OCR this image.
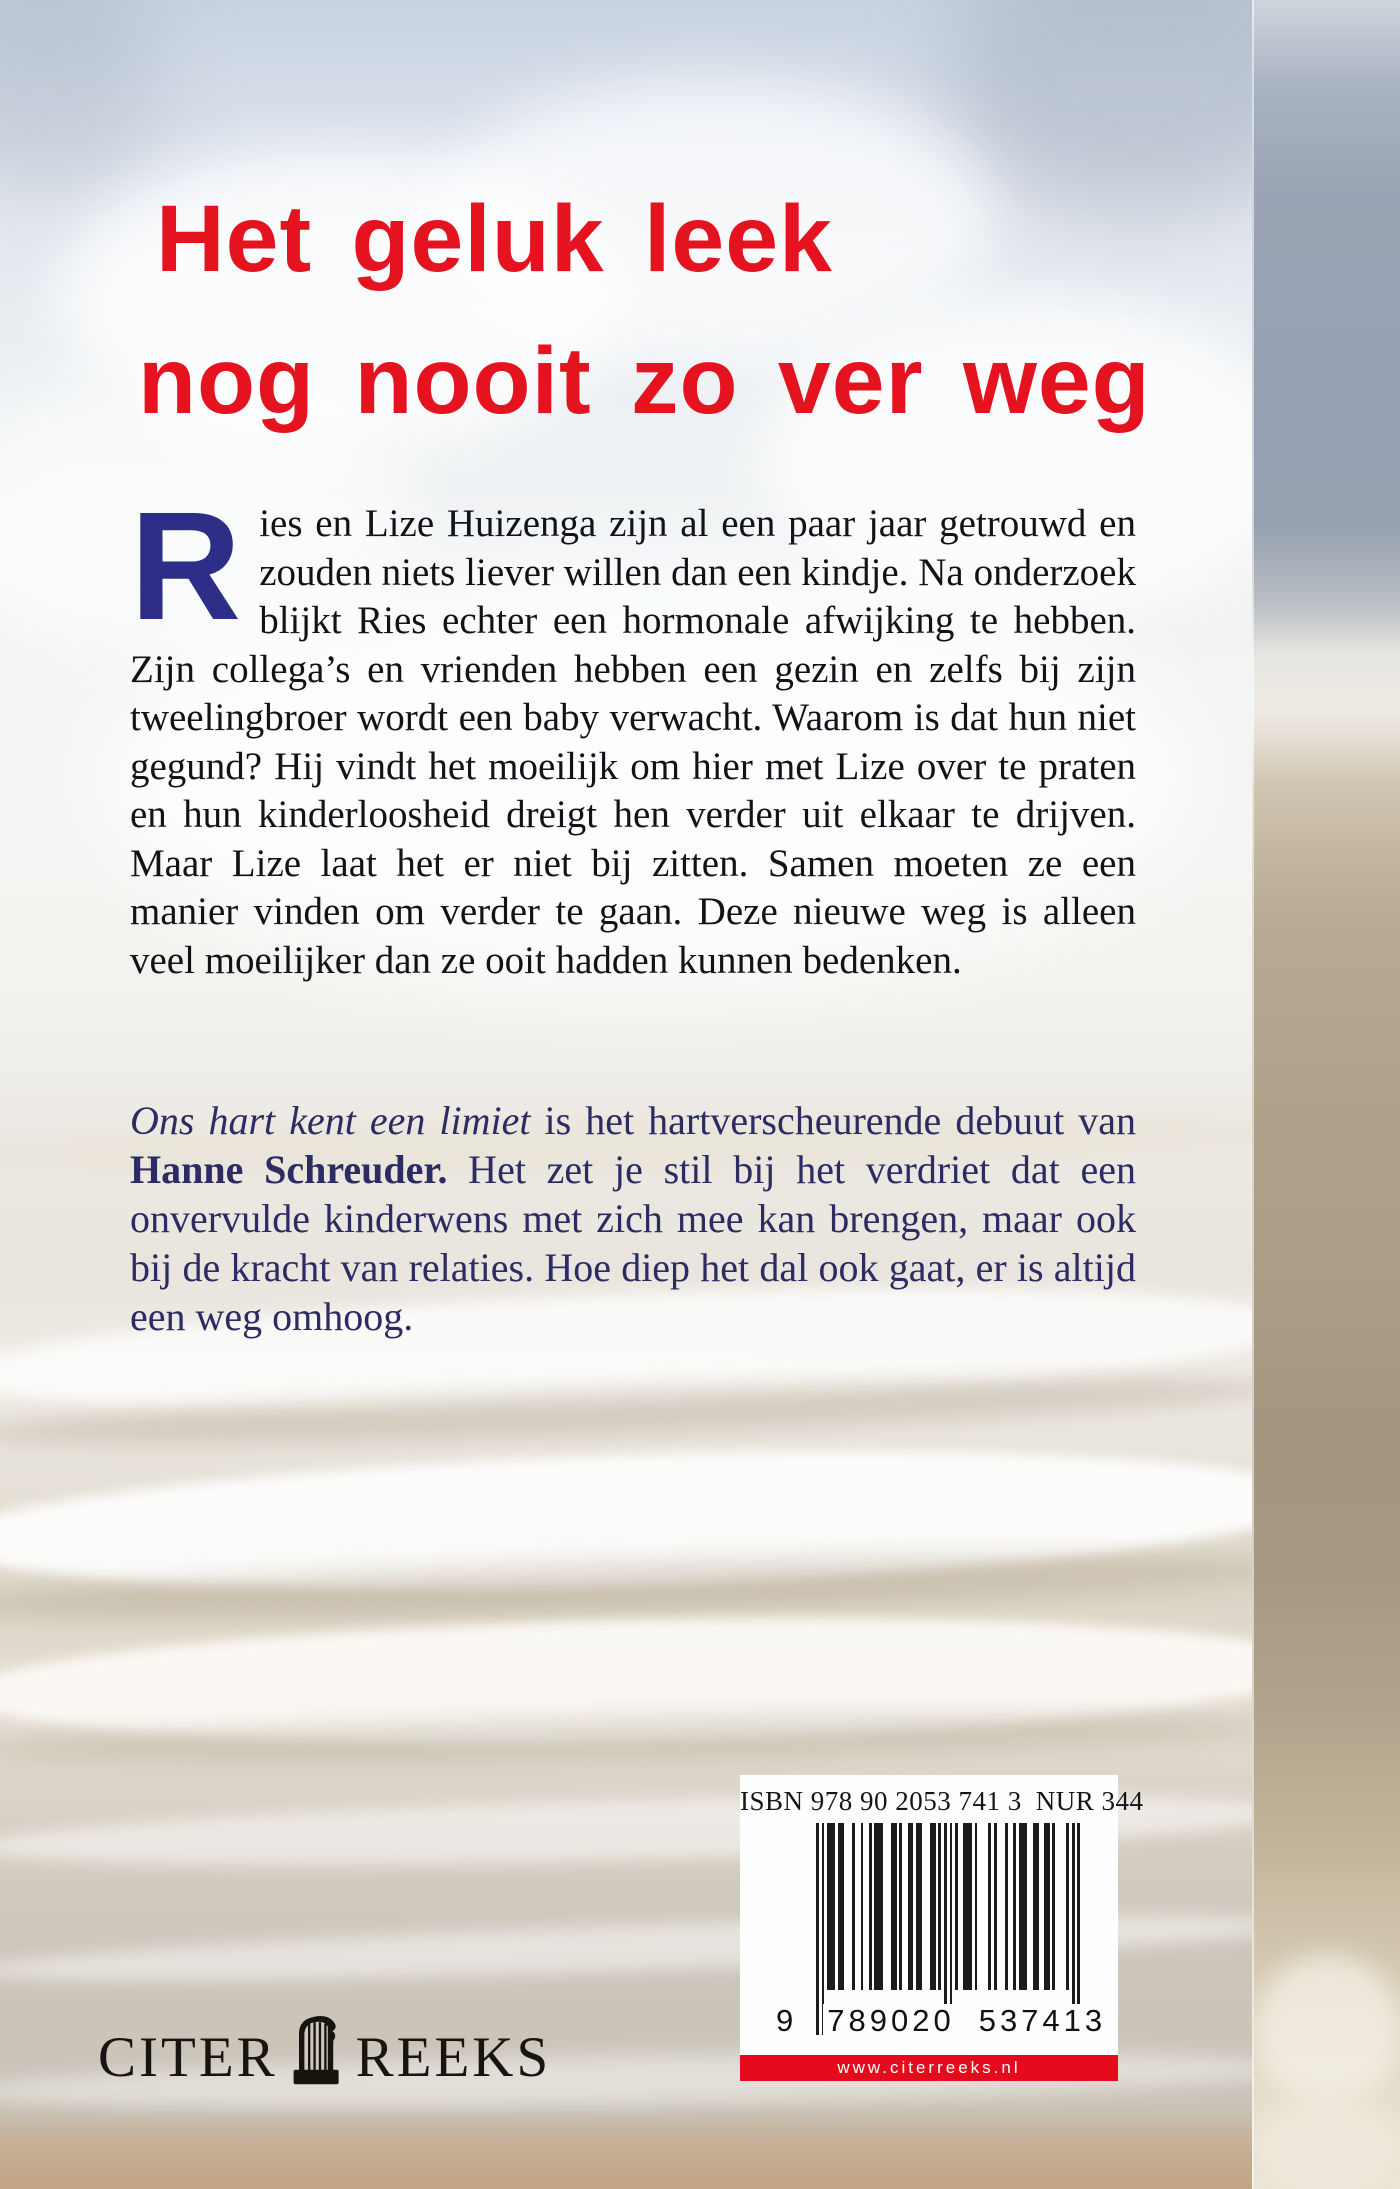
Het geluk leek
nog nooit zo ver weg

Ries en Lize Huizenga zijn al een paar jaar getrouwd en zouden niets liever willen dan een kindje. Na onderzoek blijkt Ries echter een hormonale afwijking te hebben. Zijn collega’s en vrienden hebben een gezin en zelfs bij zijn tweelingbroer wordt een baby verwacht. Waarom is dat hun niet gegund? Hij vindt het moeilijk om hier met Lize over te praten en hun kinderloosheid dreigt hen verder uit elkaar te drijven. Maar Lize laat het er niet bij zitten. Samen moeten ze een manier vinden om verder te gaan. Deze nieuwe weg is alleen veel moeilijker dan ze ooit hadden kunnen bedenken.

Ons hart kent een limiet is het hartverscheurende debuut van Hanne Schreuder. Het zet je stil bij het verdriet dat een onvervulde kinderwens met zich mee kan brengen, maar ook bij de kracht van relaties. Hoe diep het dal ook gaat, er is altijd een weg omhoog.

ISBN 978 90 2053 741 3 NUR 344
9 789020 537413
www.citerreeks.nl
CITER REEKS
